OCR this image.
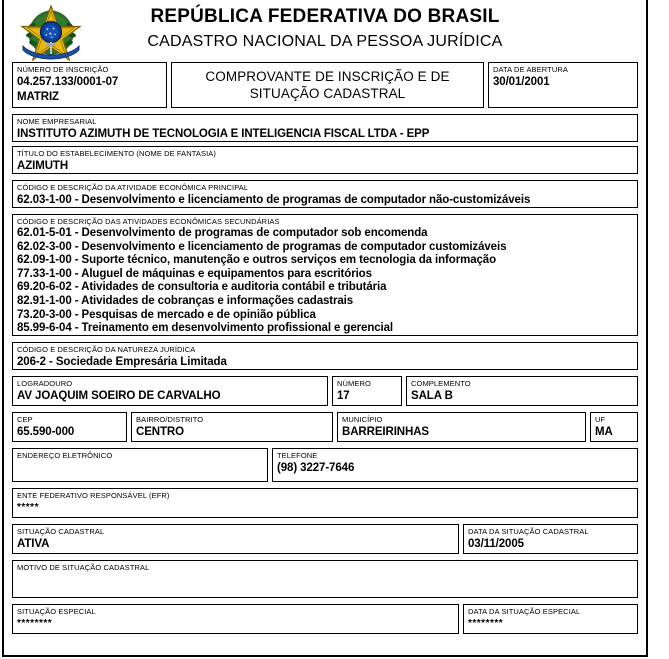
REPÚBLICA FEDERATIVA DO BRASIL
CADASTRO NACIONAL DA PESSOA JURÍDICA
NÚMERO DE INSCRIÇÃO
04.257.133/0001-07
MATRIZ
COMPROVANTE DE INSCRIÇÃO E DE SITUAÇÃO CADASTRAL
DATA DE ABERTURA
30/01/2001
NOME EMPRESARIAL
INSTITUTO AZIMUTH DE TECNOLOGIA E INTELIGENCIA FISCAL LTDA - EPP
TÍTULO DO ESTABELECIMENTO (NOME DE FANTASIA)
AZIMUTH
CÓDIGO E DESCRIÇÃO DA ATIVIDADE ECONÔMICA PRINCIPAL
62.03-1-00 - Desenvolvimento e licenciamento de programas de computador não-customizáveis
CÓDIGO E DESCRIÇÃO DAS ATIVIDADES ECONÔMICAS SECUNDÁRIAS
62.01-5-01 - Desenvolvimento de programas de computador sob encomenda
62.02-3-00 - Desenvolvimento e licenciamento de programas de computador customizáveis
62.09-1-00 - Suporte técnico, manutenção e outros serviços em tecnologia da informação
77.33-1-00 - Aluguel de máquinas e equipamentos para escritórios
69.20-6-02 - Atividades de consultoria e auditoria contábil e tributária
82.91-1-00 - Atividades de cobranças e informações cadastrais
73.20-3-00 - Pesquisas de mercado e de opinião pública
85.99-6-04 - Treinamento em desenvolvimento profissional e gerencial
CÓDIGO E DESCRIÇÃO DA NATUREZA JURÍDICA
206-2 - Sociedade Empresária Limitada
LOGRADOURO
AV JOAQUIM SOEIRO DE CARVALHO
NÚMERO
17
COMPLEMENTO
SALA B
CEP
65.590-000
BAIRRO/DISTRITO
CENTRO
MUNICÍPIO
BARREIRINHAS
UF
MA
ENDEREÇO ELETRÔNICO	TELEFONE
(98) 3227-7646
ENTE FEDERATIVO RESPONSÁVEL (EFR)
*****
SITUAÇÃO CADASTRAL
ATIVA
DATA DA SITUAÇÃO CADASTRAL
03/11/2005
MOTIVO DE SITUAÇÃO CADASTRAL
SITUAÇÃO ESPECIAL
********
DATA DA SITUAÇÃO ESPECIAL
********
